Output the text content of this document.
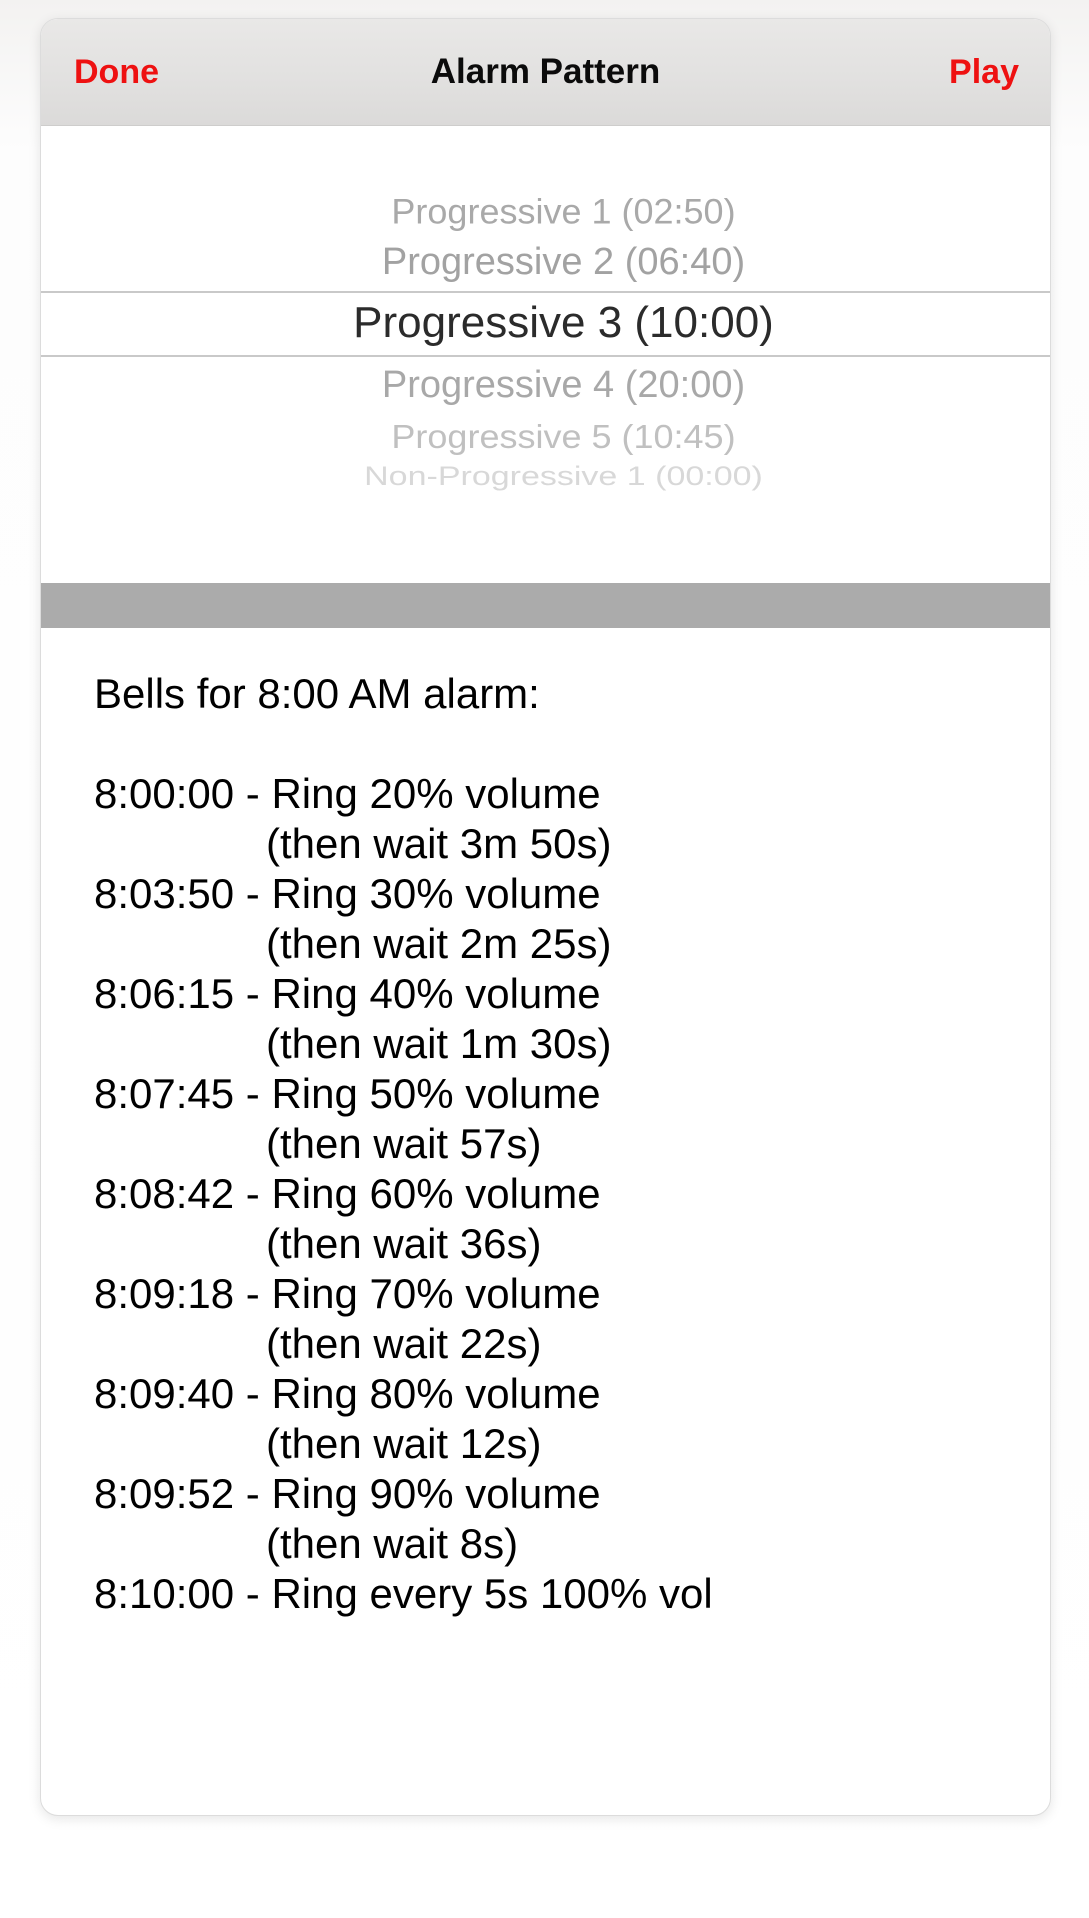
Done	Alarm Pattern	Play
Progressive 1 (02:50)
Progressive 2 (06:40)
Progressive 3 (10:00)
Progressive 4 (20:00)
Progressive 5 (10:45)
Non-Progressive 1 (00:00)
Bells for 8:00 AM alarm:
8:00:00 - Ring 20% volume
(then wait 3m 50s)
8:03:50 - Ring 30% volume
(then wait 2m 25s)
8:06:15 - Ring 40% volume
(then wait 1m 30s)
8:07:45 - Ring 50% volume
(then wait 57s)
8:08:42 - Ring 60% volume
(then wait 36s)
8:09:18 - Ring 70% volume
(then wait 22s)
8:09:40 - Ring 80% volume
(then wait 12s)
8:09:52 - Ring 90% volume
(then wait 8s)
8:10:00 - Ring every 5s 100% vol
